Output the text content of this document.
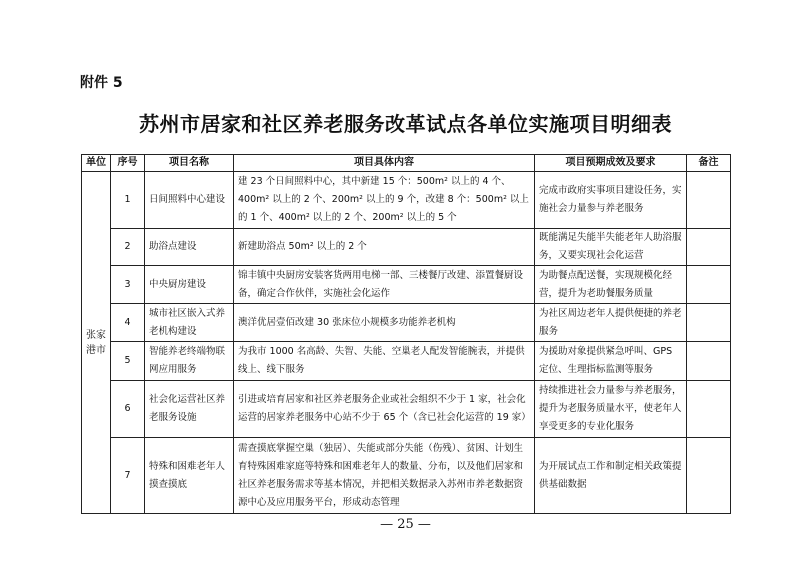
附件 5
苏州市居家和社区养老服务改革试点各单位实施项目明细表
单位	序号	项目名称	项目具体内容	项目预期成效及要求	备注
张家港市	1	日间照料中心建设	建 23 个日间照料中心，其中新建 15 个：500m² 以上的 4 个、400m² 以上的 2 个、200m² 以上的 9 个，改建 8 个：500m² 以上的 1 个、400m² 以上的 2 个、200m² 以上的 5 个	完成市政府实事项目建设任务，实施社会力量参与养老服务	
	2	助浴点建设	新建助浴点 50m² 以上的 2 个	既能满足失能半失能老年人助浴服务，又要实现社会化运营	
	3	中央厨房建设	锦丰镇中央厨房安装客货两用电梯一部、三楼餐厅改建、添置餐厨设备，确定合作伙伴，实施社会化运作	为助餐点配送餐，实现规模化经营，提升为老助餐服务质量	
	4	城市社区嵌入式养老机构建设	澳洋优居壹佰改建 30 张床位小规模多功能养老机构	为社区周边老年人提供便捷的养老服务	
	5	智能养老终端物联网应用服务	为我市 1000 名高龄、失智、失能、空巢老人配发智能腕表，并提供线上、线下服务	为援助对象提供紧急呼叫、GPS 定位、生理指标监测等服务	
	6	社会化运营社区养老服务设施	引进或培育居家和社区养老服务企业或社会组织不少于 1 家，社会化运营的居家养老服务中心站不少于 65 个（含已社会化运营的 19 家）	持续推进社会力量参与养老服务，提升为老服务质量水平，使老年人享受更多的专业化服务	
	7	特殊和困难老年人摸查摸底	需查摸底掌握空巢（独居）、失能或部分失能（伤残）、贫困、计划生育特殊困难家庭等特殊和困难老年人的数量、分布，以及他们居家和社区养老服务需求等基本情况，并把相关数据录入苏州市养老数据资源中心及应用服务平台，形成动态管理	为开展试点工作和制定相关政策提供基础数据	
— 25 —
